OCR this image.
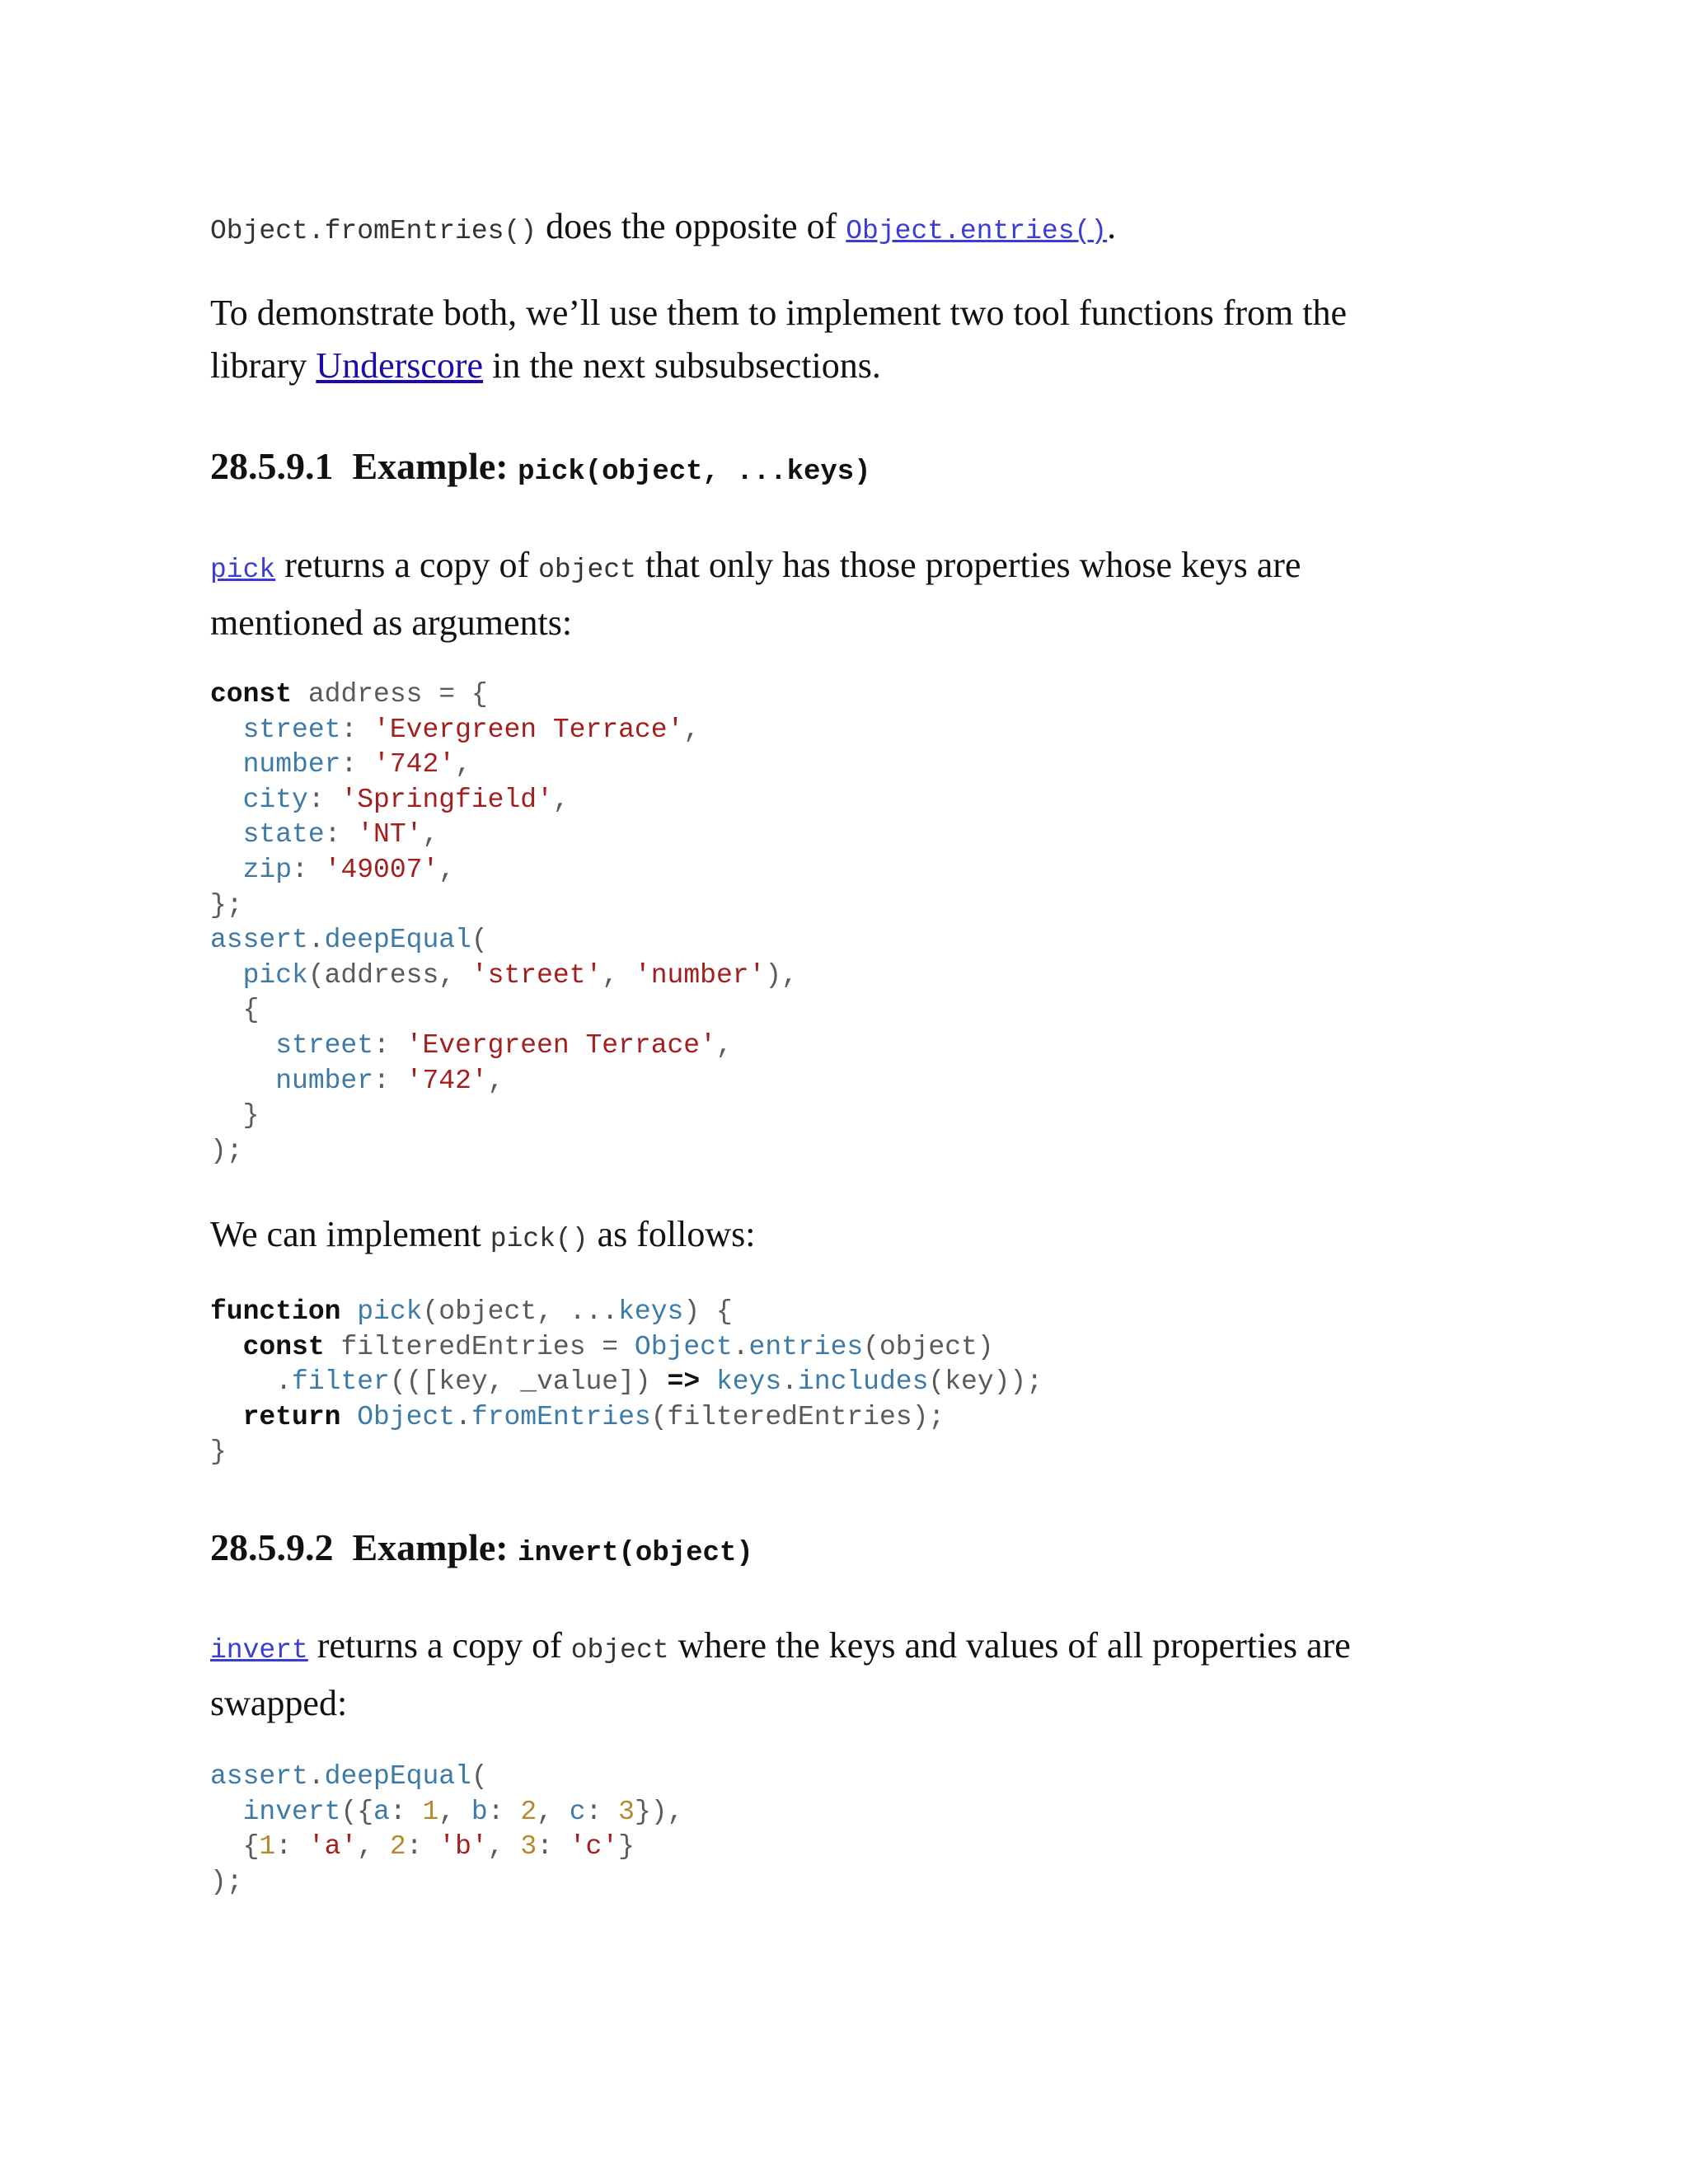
Object.fromEntries() does the opposite of Object.entries().

To demonstrate both, we’ll use them to implement two tool functions from the
library Underscore in the next subsubsections.

28.5.9.1 Example: pick(object, ...keys)

pick returns a copy of object that only has those properties whose keys are
mentioned as arguments:

const address = {
street: 'Evergreen Terrace',
number: '742',
city: 'Springfield',
state: 'NT',
zip: '49007',
};
assert.deepEqual(
pick(address, 'street', 'number'),
{
street: 'Evergreen Terrace',
number: '742',
}
);

We can implement pick() as follows:

function pick(object, ...keys) {
const filteredEntries = Object.entries(object)
.filter(([key, _value]) => keys.includes(key));
return Object.fromEntries(filteredEntries);
}
28.5.9.2 Example: invert(object)

invert returns a copy of object where the keys and values of all properties are
swapped:

assert.deepEqual(
invert({a: 1, b: 2, c: 3}),
{1: 'a', 2: 'b', 3: 'c'}
);
